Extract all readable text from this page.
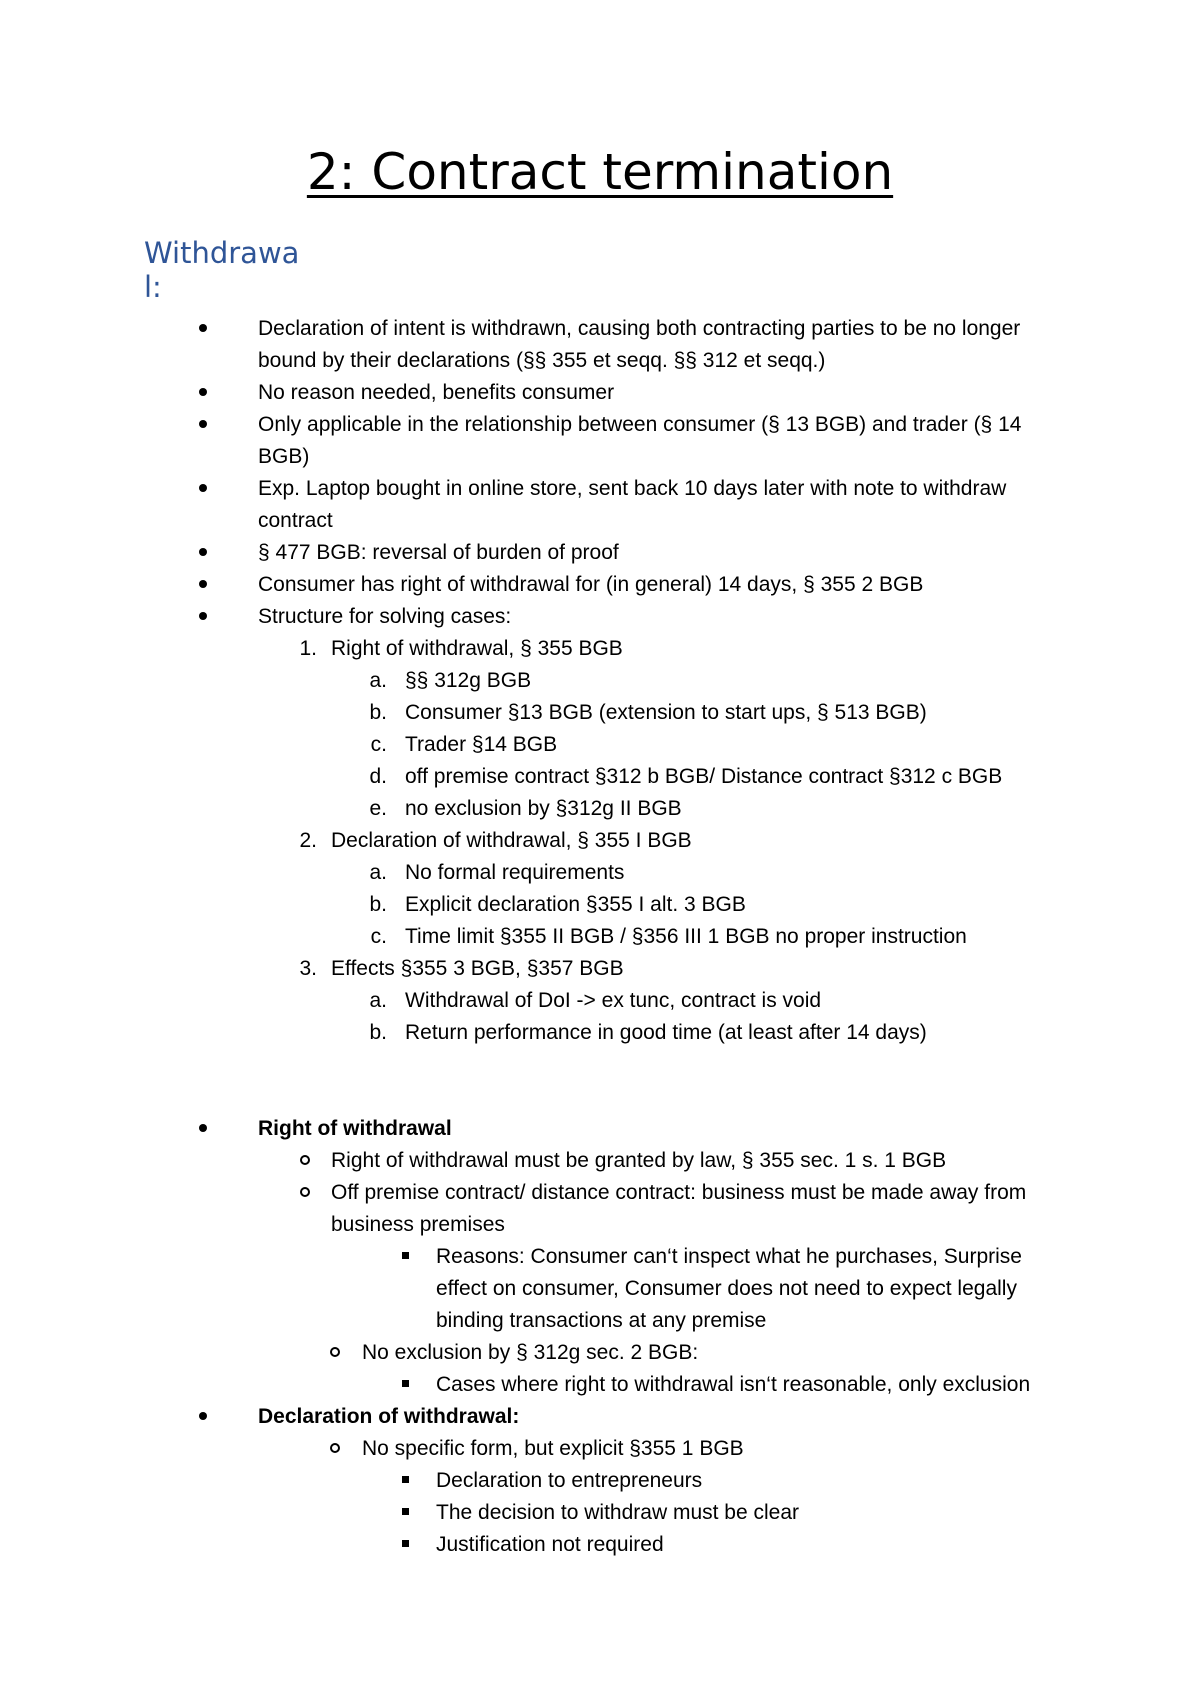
2: Contract termination
Withdrawal:
Declaration of intent is withdrawn, causing both contracting parties to be no longer bound by their declarations (§§ 355 et seqq. §§ 312 et seqq.)
No reason needed, benefits consumer
Only applicable in the relationship between consumer (§ 13 BGB) and trader (§ 14 BGB)
Exp. Laptop bought in online store, sent back 10 days later with note to withdraw contract
§ 477 BGB: reversal of burden of proof
Consumer has right of withdrawal for (in general) 14 days, § 355 2 BGB
Structure for solving cases:
1. Right of withdrawal, § 355 BGB
a. §§ 312g BGB
b. Consumer §13 BGB (extension to start ups, § 513 BGB)
c. Trader §14 BGB
d. off premise contract §312 b BGB/ Distance contract §312 c BGB
e. no exclusion by §312g II BGB
2. Declaration of withdrawal, § 355 I BGB
a. No formal requirements
b. Explicit declaration §355 I alt. 3 BGB
c. Time limit §355 II BGB / §356 III 1 BGB no proper instruction
3. Effects §355 3 BGB, §357 BGB
a. Withdrawal of DoI -> ex tunc, contract is void
b. Return performance in good time (at least after 14 days)
Right of withdrawal
Right of withdrawal must be granted by law, § 355 sec. 1 s. 1 BGB
Off premise contract/ distance contract: business must be made away from business premises
Reasons: Consumer can‘t inspect what he purchases, Surprise effect on consumer, Consumer does not need to expect legally binding transactions at any premise
No exclusion by § 312g sec. 2 BGB:
Cases where right to withdrawal isn‘t reasonable, only exclusion
Declaration of withdrawal:
No specific form, but explicit §355 1 BGB
Declaration to entrepreneurs
The decision to withdraw must be clear
Justification not required
